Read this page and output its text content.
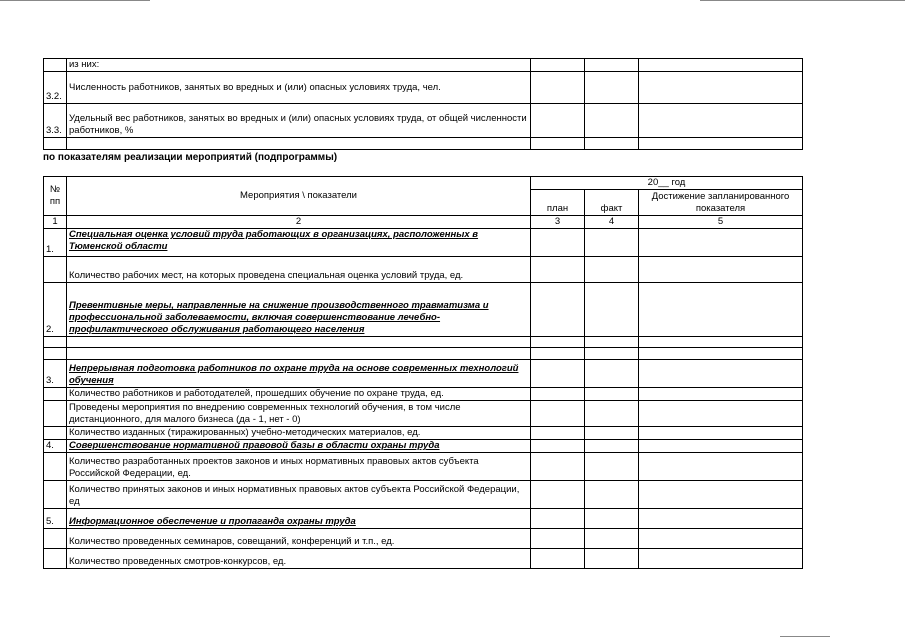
	из них:			
3.2.	Численность работников, занятых во вредных и (или) опасных условиях труда, чел.			
3.3.	Удельный вес работников, занятых во вредных и (или) опасных условиях труда, от общей численности работников, %			

по показателям реализации мероприятий (подпрограммы)
№ пп	Мероприятия \ показатели	20__ год		
		план	факт	Достижение запланированного показателя

1	2	3	4	5
1.	Специальная оценка условий труда работающих в организациях, расположенных в Тюменской области			
	Количество рабочих мест, на которых проведена специальная оценка условий труда, ед.			
2.	Превентивные меры, направленные на снижение производственного травматизма и профессиональной заболеваемости, включая совершенствование лечебно-профилактического обслуживания работающего населения			

3.	Непрерывная подготовка работников по охране труда на основе современных технологий обучения			
	Количество работников и работодателей, прошедших обучение по охране труда, ед.			
	Проведены мероприятия по внедрению современных технологий обучения, в том числе дистанционного, для малого бизнеса (да - 1, нет - 0)			
	Количество изданных (тиражированных) учебно-методических материалов, ед.			
4.	Совершенствование нормативной правовой базы в области охраны труда			
	Количество разработанных проектов законов и иных нормативных правовых актов субъекта Российской Федерации, ед.			
	Количество принятых законов и иных нормативных правовых актов субъекта Российской Федерации, ед			
5.	Информационное обеспечение и пропаганда охраны труда			
	Количество проведенных семинаров, совещаний, конференций и т.п., ед.			
	Количество проведенных смотров-конкурсов, ед.			
